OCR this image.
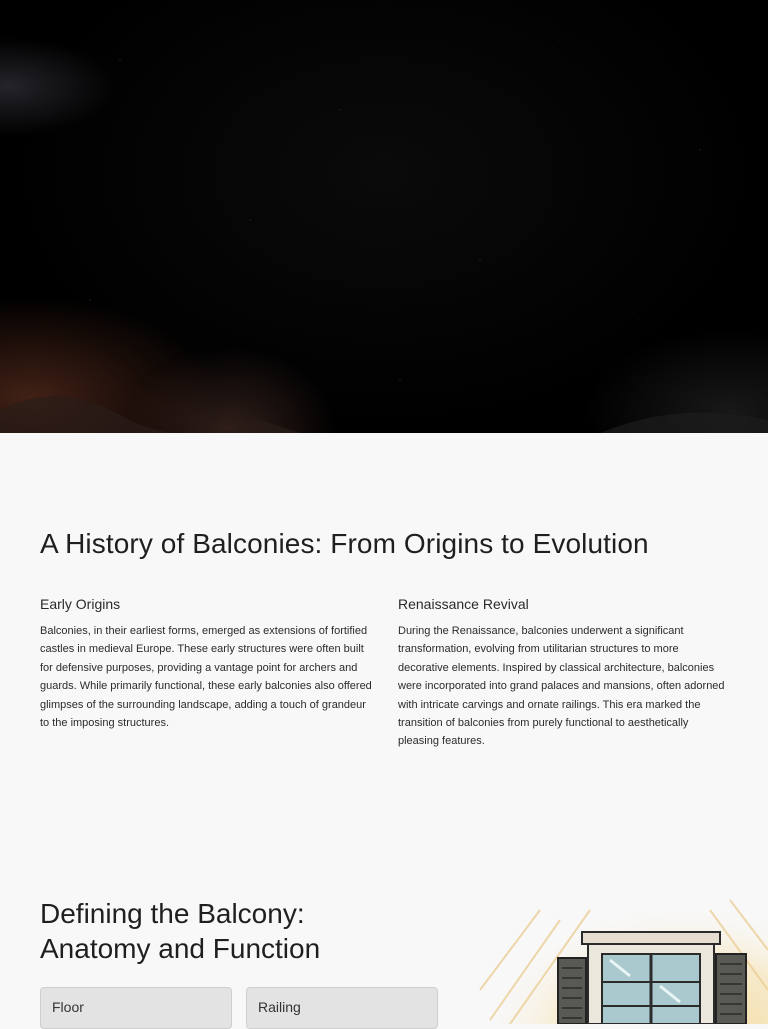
A History of Balconies: From Origins to Evolution
Early Origins

Balconies, in their earliest forms, emerged as extensions of fortified castles in medieval Europe. These early structures were often built for defensive purposes, providing a vantage point for archers and guards. While primarily functional, these early balconies also offered glimpses of the surrounding landscape, adding a touch of grandeur to the imposing structures.

Renaissance Revival

During the Renaissance, balconies underwent a significant transformation, evolving from utilitarian structures to more decorative elements. Inspired by classical architecture, balconies were incorporated into grand palaces and mansions, often adorned with intricate carvings and ornate railings. This era marked the transition of balconies from purely functional to aesthetically pleasing features.

Defining the Balcony:
Anatomy and Function
Floor	Railing
